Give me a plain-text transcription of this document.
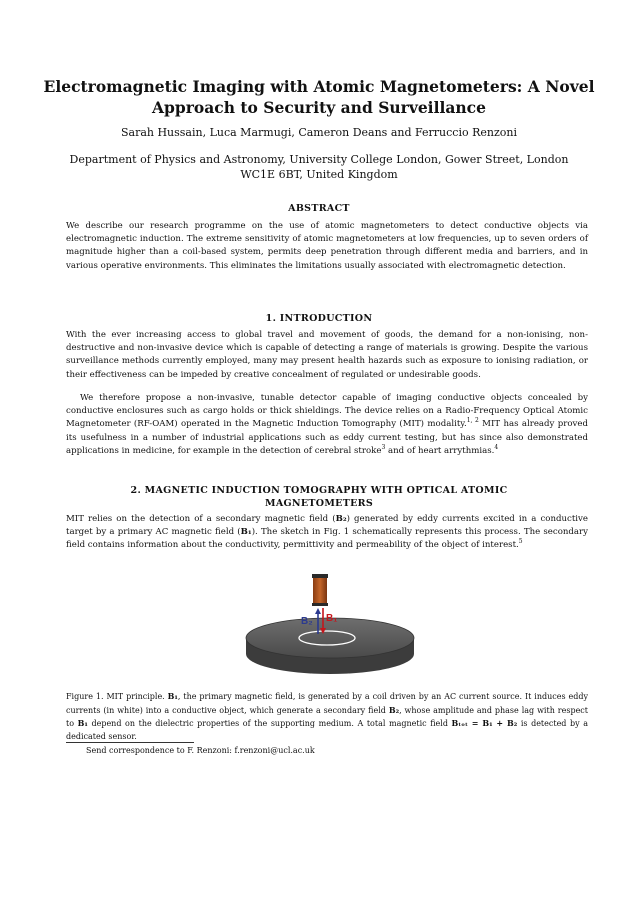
Electromagnetic Imaging with Atomic Magnetometers: A Novel Approach to Security and Surveillance
Sarah Hussain, Luca Marmugi, Cameron Deans and Ferruccio Renzoni
Department of Physics and Astronomy, University College London, Gower Street, London WC1E 6BT, United Kingdom
ABSTRACT
We describe our research programme on the use of atomic magnetometers to detect conductive objects via electromagnetic induction. The extreme sensitivity of atomic magnetometers at low frequencies, up to seven orders of magnitude higher than a coil-based system, permits deep penetration through different media and barriers, and in various operative environments. This eliminates the limitations usually associated with electromagnetic detection.
1. INTRODUCTION
With the ever increasing access to global travel and movement of goods, the demand for a non-ionising, non-destructive and non-invasive device which is capable of detecting a range of materials is growing. Despite the various surveillance methods currently employed, many may present health hazards such as exposure to ionising radiation, or their effectiveness can be impeded by creative concealment of regulated or undesirable goods.
We therefore propose a non-invasive, tunable detector capable of imaging conductive objects concealed by conductive enclosures such as cargo holds or thick shieldings. The device relies on a Radio-Frequency Optical Atomic Magnetometer (RF-OAM) operated in the Magnetic Induction Tomography (MIT) modality.$^{1, 2}$ MIT has already proved its usefulness in a number of industrial applications such as eddy current testing, but has since also demonstrated applications in medicine, for example in the detection of cerebral stroke$^3$ and of heart arrythmias.$^4$
2. MAGNETIC INDUCTION TOMOGRAPHY WITH OPTICAL ATOMIC MAGNETOMETERS
MIT relies on the detection of a secondary magnetic field (B₂) generated by eddy currents excited in a conductive target by a primary AC magnetic field (B₁). The sketch in Fig. 1 schematically represents this process. The secondary field contains information about the conductivity, permittivity and permeability of the object of interest.$^5$
B₁
B₂
Figure 1. MIT principle. B₁, the primary magnetic field, is generated by a coil driven by an AC current source. It induces eddy currents (in white) into a conductive object, which generate a secondary field B₂, whose amplitude and phase lag with respect to B₁ depend on the dielectric properties of the supporting medium. A total magnetic field Bₜₒₜ = B₁ + B₂ is detected by a dedicated sensor.
Send correspondence to F. Renzoni: f.renzoni@ucl.ac.uk
